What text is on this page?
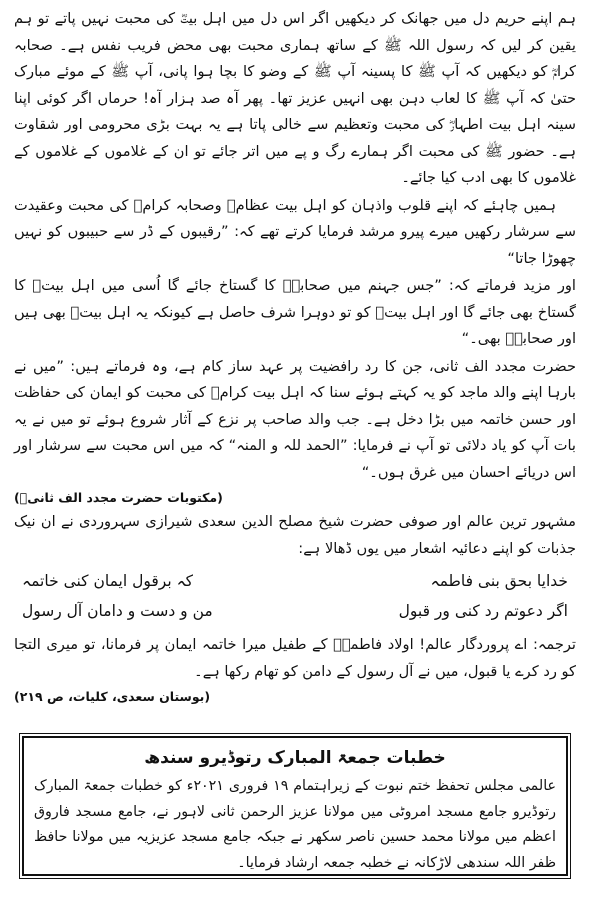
ہم اپنے حریم دل میں جھانک کر دیکھیں اگر اس دل میں اہل بیتؓ کی محبت نہیں پاتے تو ہم یقین کر لیں کہ رسول اللہ ﷺ کے ساتھ ہماری محبت بھی محض فریب نفس ہے۔ صحابہ کرامؓ کو دیکھیں کہ آپ ﷺ کا پسینہ آپ ﷺ کے وضو کا بچا ہوا پانی، آپ ﷺ کے موئے مبارک حتیٰ کہ آپ ﷺ کا لعاب دہن بھی انہیں عزیز تھا۔ پھر آہ صد ہزار آہ! حرماں اگر کوئی اپنا سینہ اہل بیت اطہارؓ کی محبت وتعظیم سے خالی پاتا ہے یہ بہت بڑی محرومی اور شقاوت ہے۔ حضور ﷺ کی محبت اگر ہمارے رگ و پے میں اتر جائے تو ان کے غلاموں کے غلاموں کے غلاموں کا بھی ادب کیا جائے۔

ہمیں چاہئے کہ اپنے قلوب واذہان کو اہل بیت عظامؓ وصحابہ کرامؓ کی محبت وعقیدت سے سرشار رکھیں میرے پیرو مرشد فرمایا کرتے تھے کہ: ”رقیبوں کے ڈر سے حبیبوں کو نہیں چھوڑا جاتا“

اور مزید فرماتے کہ: ”جس جہنم میں صحابہؓ کا گستاخ جائے گا اُسی میں اہل بیتؓ کا گستاخ بھی جائے گا اور اہل بیتؓ کو تو دوہرا شرف حاصل ہے کیونکہ یہ اہل بیتؓ بھی ہیں اور صحابہؓ بھی۔“

حضرت مجدد الف ثانی، جن کا رد رافضیت پر عہد ساز کام ہے، وہ فرماتے ہیں: ”میں نے بارہا اپنے والد ماجد کو یہ کہتے ہوئے سنا کہ اہل بیت کرامؓ کی محبت کو ایمان کی حفاظت اور حسن خاتمہ میں بڑا دخل ہے۔ جب والد صاحب پر نزع کے آثار شروع ہوئے تو میں نے یہ بات آپ کو یاد دلائی تو آپ نے فرمایا: ”الحمد للہ و المنہ“ کہ میں اس محبت سے سرشار اور اس دریائے احسان میں غرق ہوں۔“

(مکتوبات حضرت مجدد الف ثانیؒ)

مشہور ترین عالم اور صوفی حضرت شیخ مصلح الدین سعدی شیرازی سہروردی نے ان نیک جذبات کو اپنے دعائیہ اشعار میں یوں ڈھالا ہے:

خدایا بحق بنی فاطمہ
کہ برقول ایمان کنی خاتمہ
اگر دعوتم رد کنی ور قبول
من و دست و دامان آل رسول

ترجمہ: اے پروردگار عالم! اولاد فاطمہؓ کے طفیل میرا خاتمہ ایمان پر فرمانا، تو میری التجا کو رد کرے یا قبول، میں نے آل رسول کے دامن کو تھام رکھا ہے۔

(بوستان سعدی، کلیات، ص ۲۱۹)

خطبات جمعۃ المبارک رتوڈیرو سندھ

عالمی مجلس تحفظ ختم نبوت کے زیراہتمام ۱۹ فروری ۲۰۲۱ء کو خطبات جمعۃ المبارک رتوڈیرو جامع مسجد امروٹی میں مولانا عزیز الرحمن ثانی لاہور نے، جامع مسجد فاروق اعظم میں مولانا محمد حسین ناصر سکھر نے جبکہ جامع مسجد عزیزیہ میں مولانا حافظ ظفر اللہ سندھی لاڑکانہ نے خطبہ جمعہ ارشاد فرمایا۔
